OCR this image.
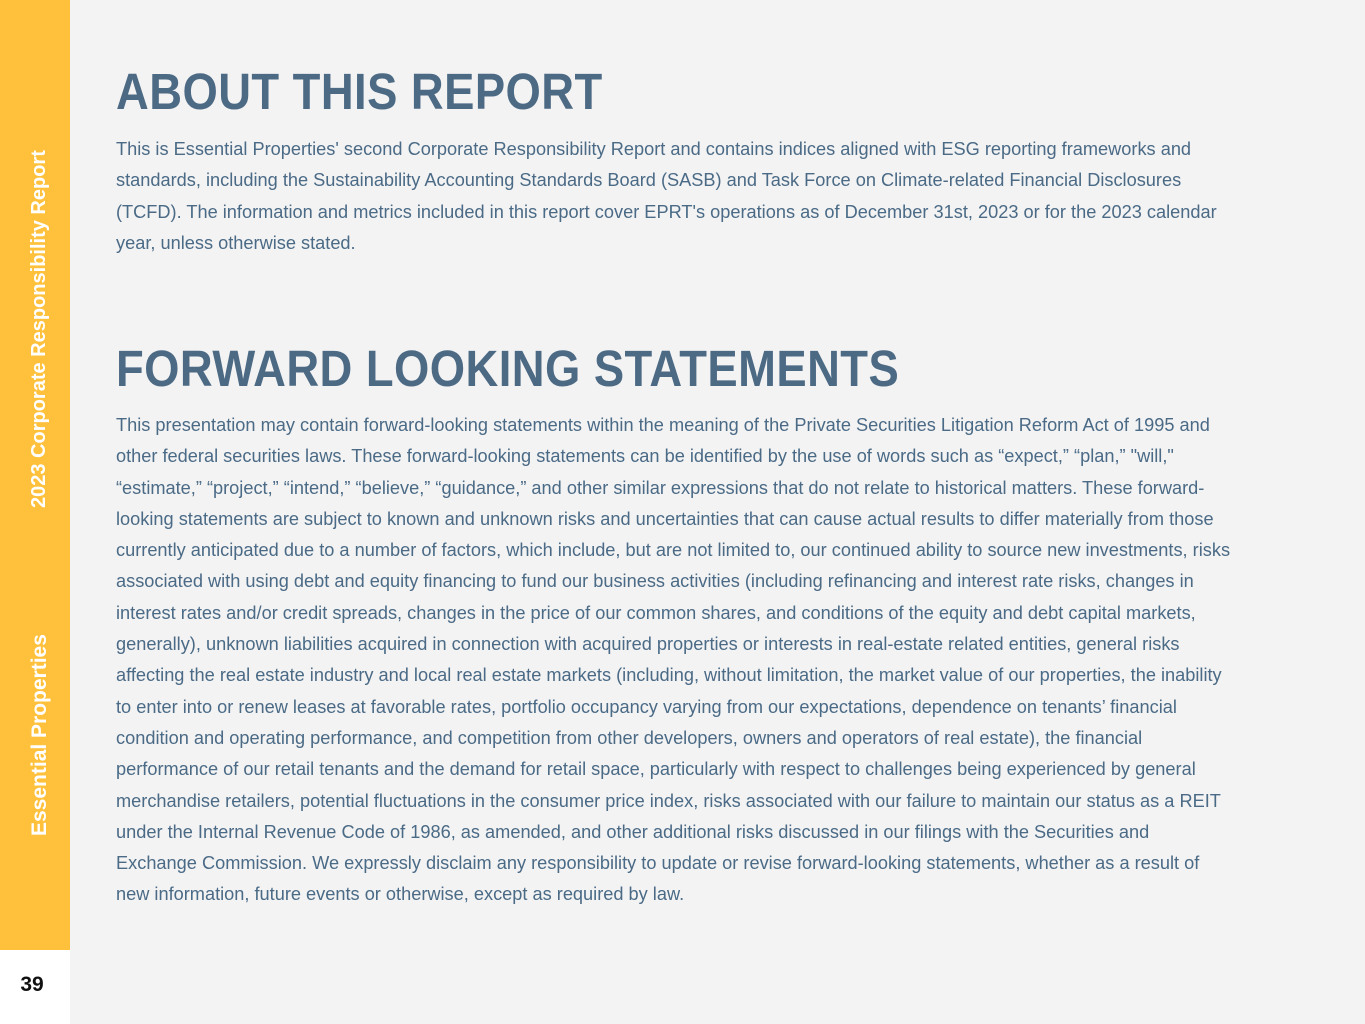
Essential Properties
2023 Corporate Responsibility Report
39
ABOUT THIS REPORT

This is Essential Properties' second Corporate Responsibility Report and contains indices aligned with ESG reporting frameworks and standards, including the Sustainability Accounting Standards Board (SASB) and Task Force on Climate-related Financial Disclosures (TCFD). The information and metrics included in this report cover EPRT's operations as of December 31st, 2023 or for the 2023 calendar year, unless otherwise stated.

FORWARD LOOKING STATEMENTS

This presentation may contain forward-looking statements within the meaning of the Private Securities Litigation Reform Act of 1995 and other federal securities laws. These forward-looking statements can be identified by the use of words such as “expect,” “plan,” "will," “estimate,” “project,” “intend,” “believe,” “guidance,” and other similar expressions that do not relate to historical matters. These forward-looking statements are subject to known and unknown risks and uncertainties that can cause actual results to differ materially from those currently anticipated due to a number of factors, which include, but are not limited to, our continued ability to source new investments, risks associated with using debt and equity financing to fund our business activities (including refinancing and interest rate risks, changes in interest rates and/or credit spreads, changes in the price of our common shares, and conditions of the equity and debt capital markets, generally), unknown liabilities acquired in connection with acquired properties or interests in real-estate related entities, general risks affecting the real estate industry and local real estate markets (including, without limitation, the market value of our properties, the inability to enter into or renew leases at favorable rates, portfolio occupancy varying from our expectations, dependence on tenants’ financial condition and operating performance, and competition from other developers, owners and operators of real estate), the financial performance of our retail tenants and the demand for retail space, particularly with respect to challenges being experienced by general merchandise retailers, potential fluctuations in the consumer price index, risks associated with our failure to maintain our status as a REIT under the Internal Revenue Code of 1986, as amended, and other additional risks discussed in our filings with the Securities and Exchange Commission. We expressly disclaim any responsibility to update or revise forward-looking statements, whether as a result of new information, future events or otherwise, except as required by law.
